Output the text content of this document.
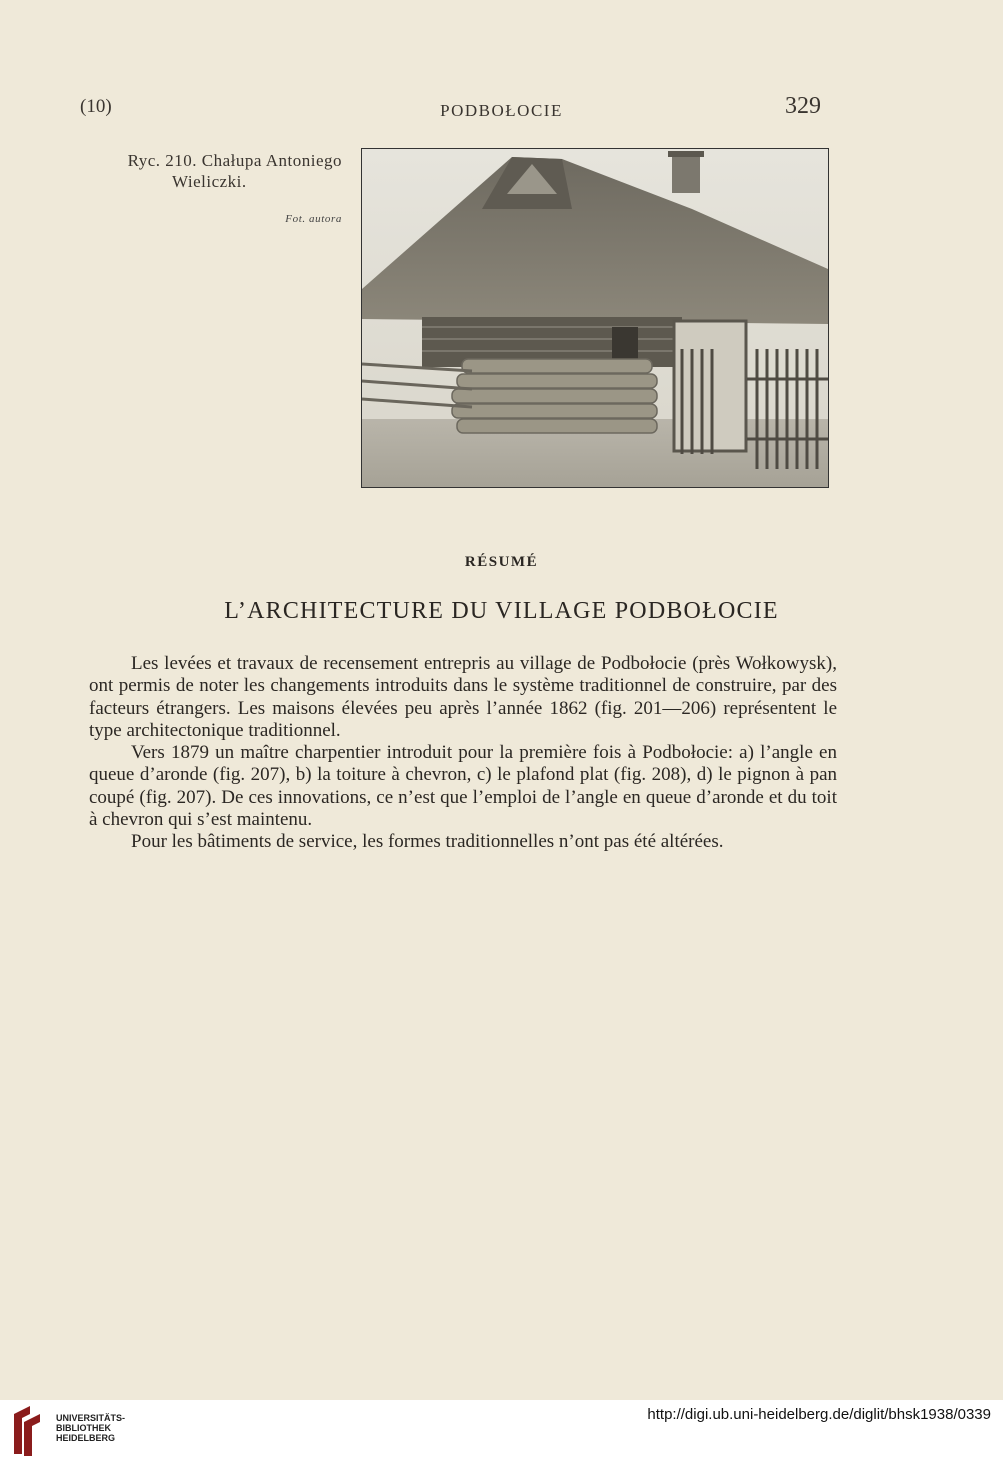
(10)	PODBOŁOCIE	329
Ryc. 210. Chałupa Antoniego
Wieliczki.
Fot. autora
RÉSUMÉ
L’ARCHITECTURE DU VILLAGE PODBOŁOCIE

Les levées et travaux de recensement entrepris au village de Podbołocie (près Wołkowysk), ont permis de noter les changements introduits dans le système traditionnel de construire, par des facteurs étrangers. Les maisons élevées peu après l’année 1862 (fig. 201—206) représentent le type architectonique traditionnel.

Vers 1879 un maître charpentier introduit pour la première fois à Podbołocie: a) l’angle en queue d’aronde (fig. 207), b) la toiture à chevron, c) le plafond plat (fig. 208), d) le pignon à pan coupé (fig. 207). De ces innovations, ce n’est que l’emploi de l’angle en queue d’aronde et du toit à chevron qui s’est maintenu.

Pour les bâtiments de service, les formes traditionnelles n’ont pas été altérées.

UNIVERSITÄTS-
BIBLIOTHEK
HEIDELBERG
http://digi.ub.uni-heidelberg.de/diglit/bhsk1938/0339
